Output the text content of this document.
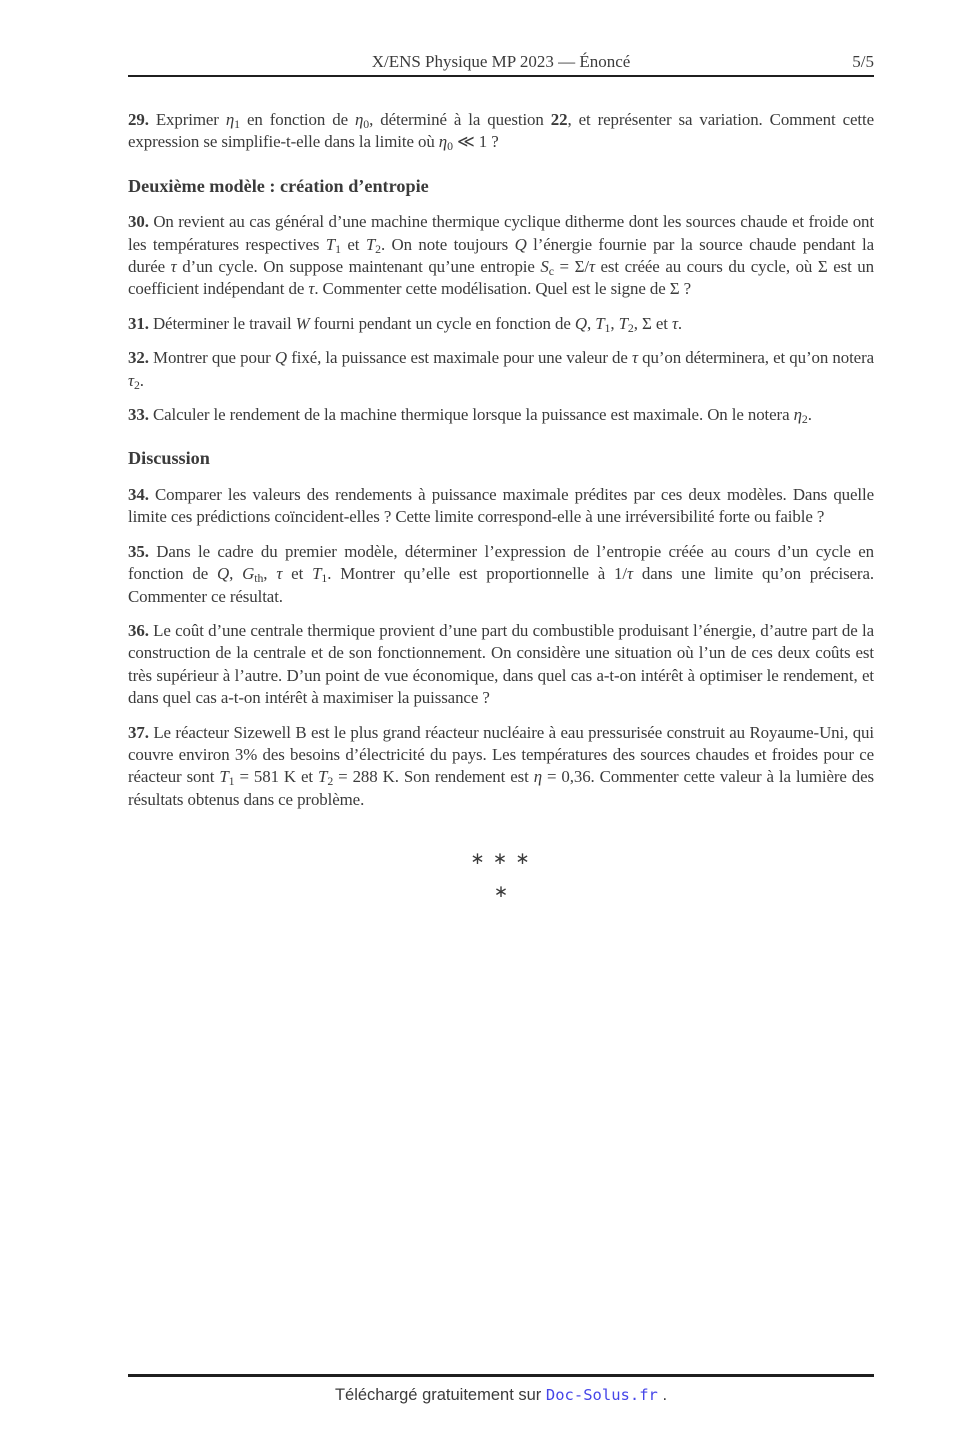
X/ENS Physique MP 2023 — Énoncé	5/5

29. Exprimer $\eta_1$ en fonction de $\eta_0$, déterminé à la question 22, et représenter sa variation. Comment cette expression se simplifie-t-elle dans la limite où $\eta_0$ ≪ 1 ?

Deuxième modèle : création d’entropie

30. On revient au cas général d’une machine thermique cyclique ditherme dont les sources chaude et froide ont les températures respectives $T_1$ et $T_2$. On note toujours Q l’énergie fournie par la source chaude pendant la durée τ d’un cycle. On suppose maintenant qu’une entropie $S_c = \Sigma/\tau$ est créée au cours du cycle, où Σ est un coefficient indépendant de τ. Commenter cette modélisation. Quel est le signe de Σ ?

31. Déterminer le travail W fourni pendant un cycle en fonction de Q, $T_1$, $T_2$, Σ et τ.

32. Montrer que pour Q fixé, la puissance est maximale pour une valeur de τ qu’on déterminera, et qu’on notera $\tau_2$.

33. Calculer le rendement de la machine thermique lorsque la puissance est maximale. On le notera $\eta_2$.

Discussion

34. Comparer les valeurs des rendements à puissance maximale prédites par ces deux modèles. Dans quelle limite ces prédictions coïncident-elles ? Cette limite correspond-elle à une irréversibilité forte ou faible ?

35. Dans le cadre du premier modèle, déterminer l’expression de l’entropie créée au cours d’un cycle en fonction de Q, $G_{th}$, τ et $T_1$. Montrer qu’elle est proportionnelle à 1/τ dans une limite qu’on précisera. Commenter ce résultat.

36. Le coût d’une centrale thermique provient d’une part du combustible produisant l’énergie, d’autre part de la construction de la centrale et de son fonctionnement. On considère une situation où l’un de ces deux coûts est très supérieur à l’autre. D’un point de vue économique, dans quel cas a-t-on intérêt à optimiser le rendement, et dans quel cas a-t-on intérêt à maximiser la puissance ?

37. Le réacteur Sizewell B est le plus grand réacteur nucléaire à eau pressurisée construit au Royaume-Uni, qui couvre environ 3% des besoins d’électricité du pays. Les températures des sources chaudes et froides pour ce réacteur sont $T_1 = 581$ K et $T_2 = 288$ K. Son rendement est η = 0,36. Commenter cette valeur à la lumière des résultats obtenus dans ce problème.

∗ ∗ ∗
∗
Téléchargé gratuitement sur Doc-Solus.fr .
